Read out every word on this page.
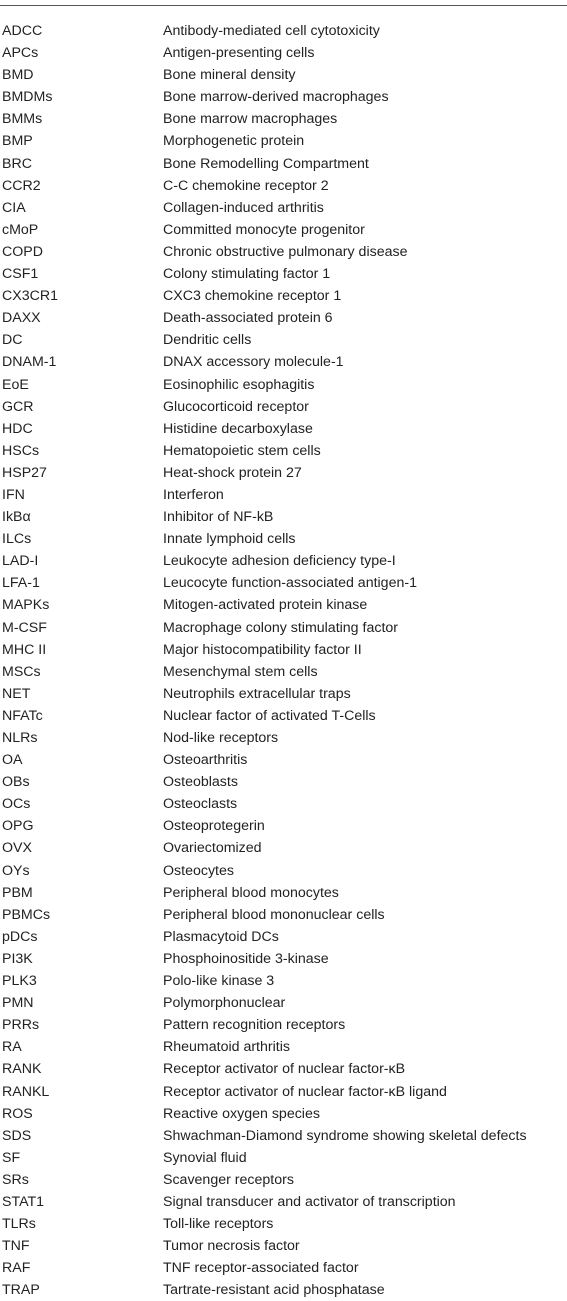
ADCC	Antibody-mediated cell cytotoxicity
APCs	Antigen-presenting cells
BMD	Bone mineral density
BMDMs	Bone marrow-derived macrophages
BMMs	Bone marrow macrophages
BMP	Morphogenetic protein
BRC	Bone Remodelling Compartment
CCR2	C-C chemokine receptor 2
CIA	Collagen-induced arthritis
cMoP	Committed monocyte progenitor
COPD	Chronic obstructive pulmonary disease
CSF1	Colony stimulating factor 1
CX3CR1	CXC3 chemokine receptor 1
DAXX	Death-associated protein 6
DC	Dendritic cells
DNAM-1	DNAX accessory molecule-1
EoE	Eosinophilic esophagitis
GCR	Glucocorticoid receptor
HDC	Histidine decarboxylase
HSCs	Hematopoietic stem cells
HSP27	Heat-shock protein 27
IFN	Interferon
IkBα	Inhibitor of NF-kB
ILCs	Innate lymphoid cells
LAD-I	Leukocyte adhesion deficiency type-I
LFA-1	Leucocyte function-associated antigen-1
MAPKs	Mitogen-activated protein kinase
M-CSF	Macrophage colony stimulating factor
MHC II	Major histocompatibility factor II
MSCs	Mesenchymal stem cells
NET	Neutrophils extracellular traps
NFATc	Nuclear factor of activated T-Cells
NLRs	Nod-like receptors
OA	Osteoarthritis
OBs	Osteoblasts
OCs	Osteoclasts
OPG	Osteoprotegerin
OVX	Ovariectomized
OYs	Osteocytes
PBM	Peripheral blood monocytes
PBMCs	Peripheral blood mononuclear cells
pDCs	Plasmacytoid DCs
PI3K	Phosphoinositide 3-kinase
PLK3	Polo-like kinase 3
PMN	Polymorphonuclear
PRRs	Pattern recognition receptors
RA	Rheumatoid arthritis
RANK	Receptor activator of nuclear factor-κB
RANKL	Receptor activator of nuclear factor-κB ligand
ROS	Reactive oxygen species
SDS	Shwachman-Diamond syndrome showing skeletal defects
SF	Synovial fluid
SRs	Scavenger receptors
STAT1	Signal transducer and activator of transcription
TLRs	Toll-like receptors
TNF	Tumor necrosis factor
RAF	TNF receptor-associated factor
TRAP	Tartrate-resistant acid phosphatase
